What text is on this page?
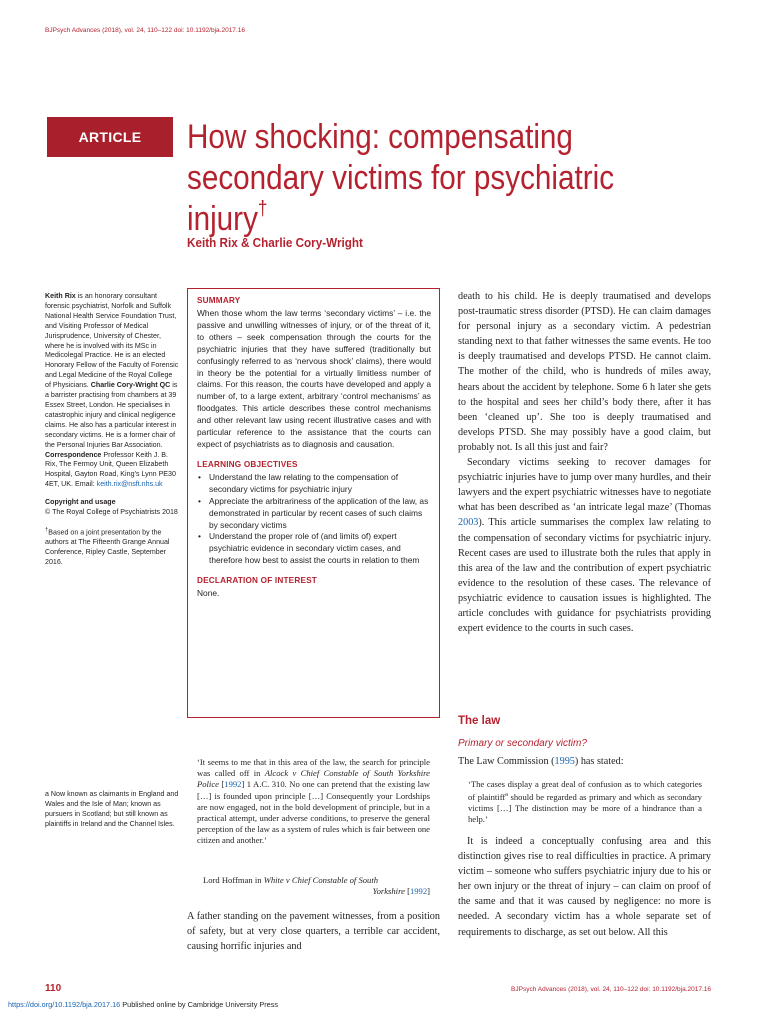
BJPsych Advances (2018), vol. 24, 110–122 doi: 10.1192/bja.2017.16
ARTICLE	How shocking: compensating
secondary victims for psychiatric
injury†
Keith Rix & Charlie Cory-Wright

Keith Rix is an honorary consultant forensic psychiatrist, Norfolk and Suffolk National Health Service Foundation Trust, and Visiting Professor of Medical Jurisprudence, University of Chester, where he is involved with its MSc in Medicolegal Practice. He is an elected Honorary Fellow of the Faculty of Forensic and Legal Medicine of the Royal College of Physicians. Charlie Cory-Wright QC is a barrister practising from chambers at 39 Essex Street, London. He specialises in catastrophic injury and clinical negligence claims. He also has a particular interest in secondary victims. He is a former chair of the Personal Injuries Bar Association. Correspondence Professor Keith J. B. Rix, The Fermoy Unit, Queen Elizabeth Hospital, Gayton Road, King’s Lynn PE30 4ET, UK. Email: keith.rix@nsft.nhs.uk

Copyright and usage
© The Royal College of Psychiatrists 2018

†Based on a joint presentation by the authors at The Fifteenth Grange Annual Conference, Ripley Castle, September 2016.

a Now known as claimants in England and Wales and the Isle of Man; known as pursuers in Scotland; but still known as plaintiffs in Ireland and the Channel Isles.
SUMMARY
When those whom the law terms ‘secondary victims’ – i.e. the passive and unwilling witnesses of injury, or of the threat of it, to others – seek compensation through the courts for the psychiatric injuries that they have suffered (traditionally but confusingly referred to as ‘nervous shock’ claims), there would in theory be the potential for a virtually limitless number of claims. For this reason, the courts have developed and apply a number of, to a large extent, arbitrary ‘control mechanisms’ as floodgates. This article describes these control mechanisms and other relevant law using recent illustrative cases and with particular reference to the assistance that the courts can expect of psychiatrists as to diagnosis and causation.
LEARNING OBJECTIVES
• Understand the law relating to the compensation of secondary victims for psychiatric injury
• Appreciate the arbitrariness of the application of the law, as demonstrated in particular by recent cases of such claims by secondary victims
• Understand the proper role of (and limits of) expert psychiatric evidence in secondary victim cases, and therefore how best to assist the courts in relation to them
DECLARATION OF INTEREST
None.
‘It seems to me that in this area of the law, the search for principle was called off in Alcock v Chief Constable of South Yorkshire Police [1992] 1 A.C. 310. No one can pretend that the existing law […] is founded upon principle […] Consequently your Lordships are now engaged, not in the bold development of principle, but in a practical attempt, under adverse conditions, to preserve the general perception of the law as a system of rules which is fair between one citizen and another.’
Lord Hoffman in White v Chief Constable of South
Yorkshire [1992]
A father standing on the pavement witnesses, from a position of safety, but at very close quarters, a terrible car accident, causing horrific injuries and

death to his child. He is deeply traumatised and develops post-traumatic stress disorder (PTSD). He can claim damages for personal injury as a secondary victim. A pedestrian standing next to that father witnesses the same events. He too is deeply traumatised and develops PTSD. He cannot claim. The mother of the child, who is hundreds of miles away, hears about the accident by telephone. Some 6 h later she gets to the hospital and sees her child’s body there, after it has been ‘cleaned up’. She too is deeply traumatised and develops PTSD. She may possibly have a good claim, but probably not. Is all this just and fair?

Secondary victims seeking to recover damages for psychiatric injuries have to jump over many hurdles, and their lawyers and the expert psychiatric witnesses have to negotiate what has been described as ‘an intricate legal maze’ (Thomas 2003). This article summarises the complex law relating to the compensation of secondary victims for psychiatric injury. Recent cases are used to illustrate both the rules that apply in this area of the law and the contribution of expert psychiatric evidence to the resolution of these cases. The relevance of psychiatric evidence to causation issues is highlighted. The article concludes with guidance for psychiatrists providing expert evidence to the courts in such cases.

The law
Primary or secondary victim?
The Law Commission (1995) has stated:
‘The cases display a great deal of confusion as to which categories of plaintiff$^a$ should be regarded as primary and which as secondary victims […] The distinction may be more of a hindrance than a help.’

It is indeed a conceptually confusing area and this distinction gives rise to real difficulties in practice. A primary victim – someone who suffers psychiatric injury due to his or her own injury or the threat of injury – can claim on proof of the same and that it was caused by negligence: no more is needed. A secondary victim has a whole separate set of requirements to discharge, as set out below. All this

110	BJPsych Advances (2018), vol. 24, 110–122 doi: 10.1192/bja.2017.16
https://doi.org/10.1192/bja.2017.16 Published online by Cambridge University Press
